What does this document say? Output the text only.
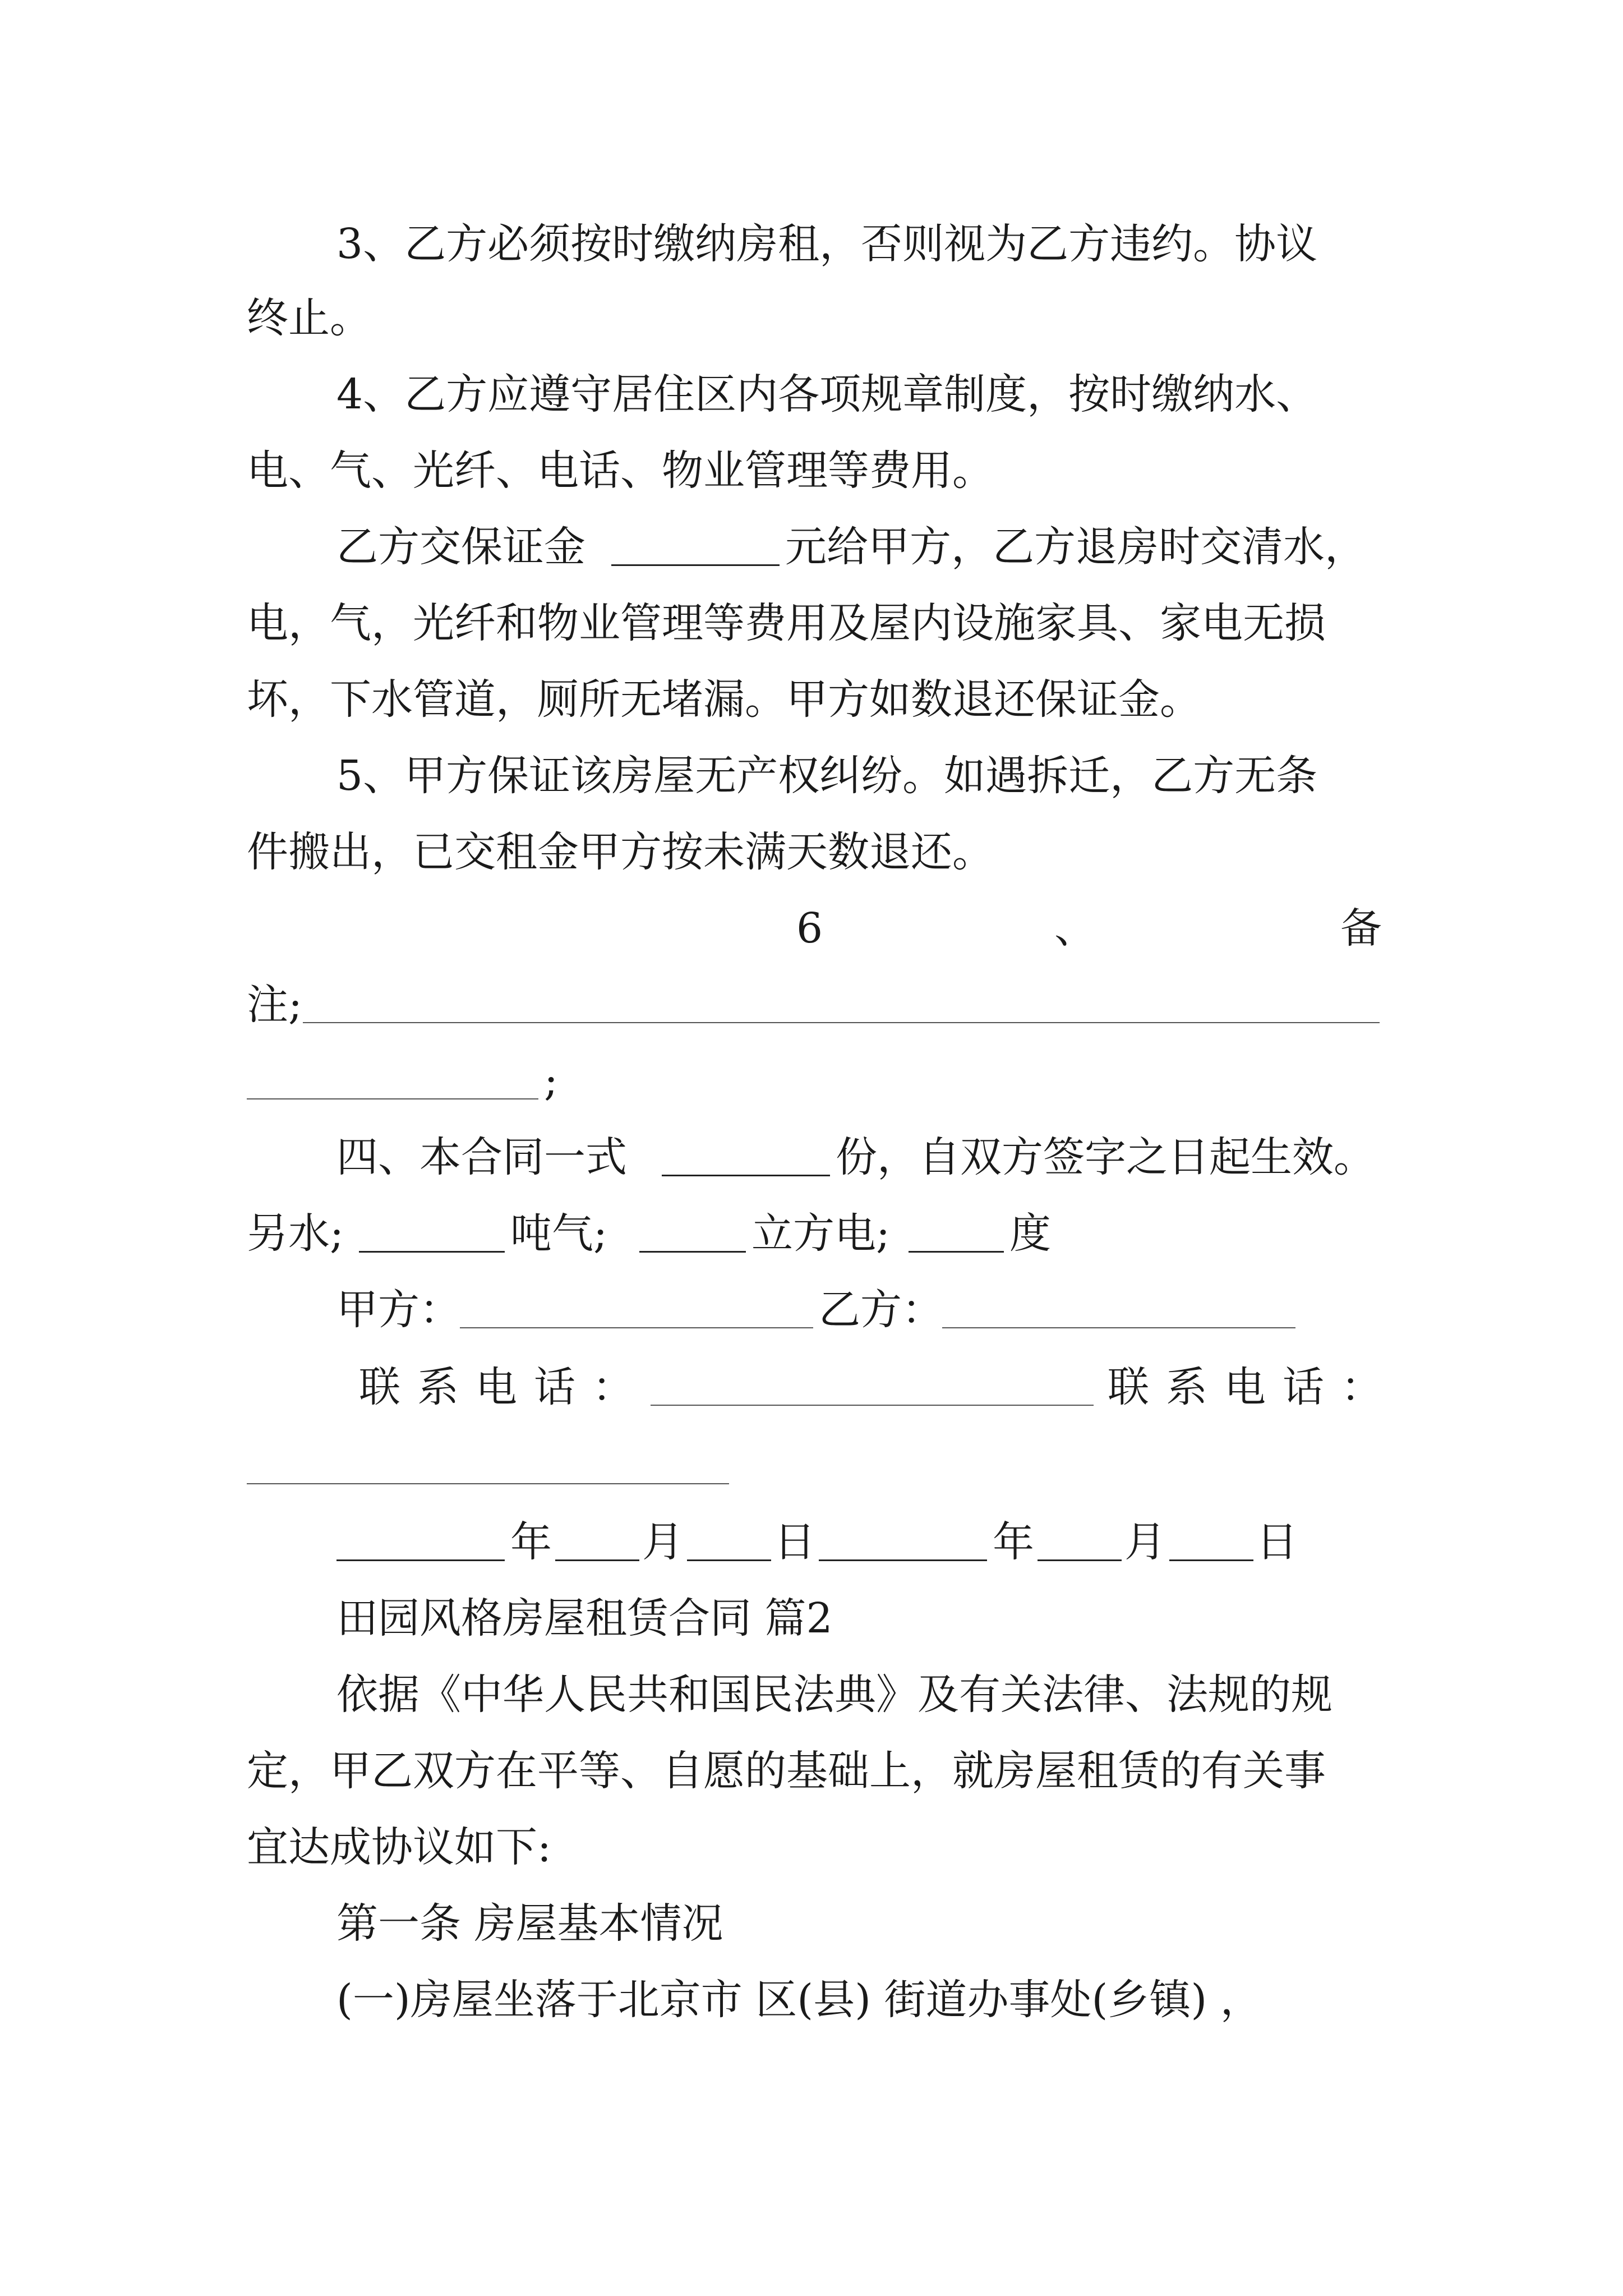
3、乙方必须按时缴纳房租，否则视为乙方违约。协议
终止。
4、乙方应遵守居住区内各项规章制度，按时缴纳水、
电、气、光纤、电话、物业管理等费用。
乙方交保证金	元给甲方，乙方退房时交清水，
电，气，光纤和物业管理等费用及屋内设施家具、家电无损
坏，下水管道，厕所无堵漏。甲方如数退还保证金。
5、甲方保证该房屋无产权纠纷。如遇拆迁，乙方无条
件搬出，已交租金甲方按未满天数退还。
6	、	备
注;
;
四、本合同一式	份，自双方签字之日起生效。
另水;	吨气;	立方电;	度
甲方：	乙方：
联系电话：	联系电话：
年 月 日	年 月 日
田园风格房屋租赁合同 篇2
依据《中华人民共和国民法典》及有关法律、法规的规
定，甲乙双方在平等、自愿的基础上，就房屋租赁的有关事
宜达成协议如下:
第一条 房屋基本情况
(一)房屋坐落于北京市 区(县) 街道办事处(乡镇) ，
